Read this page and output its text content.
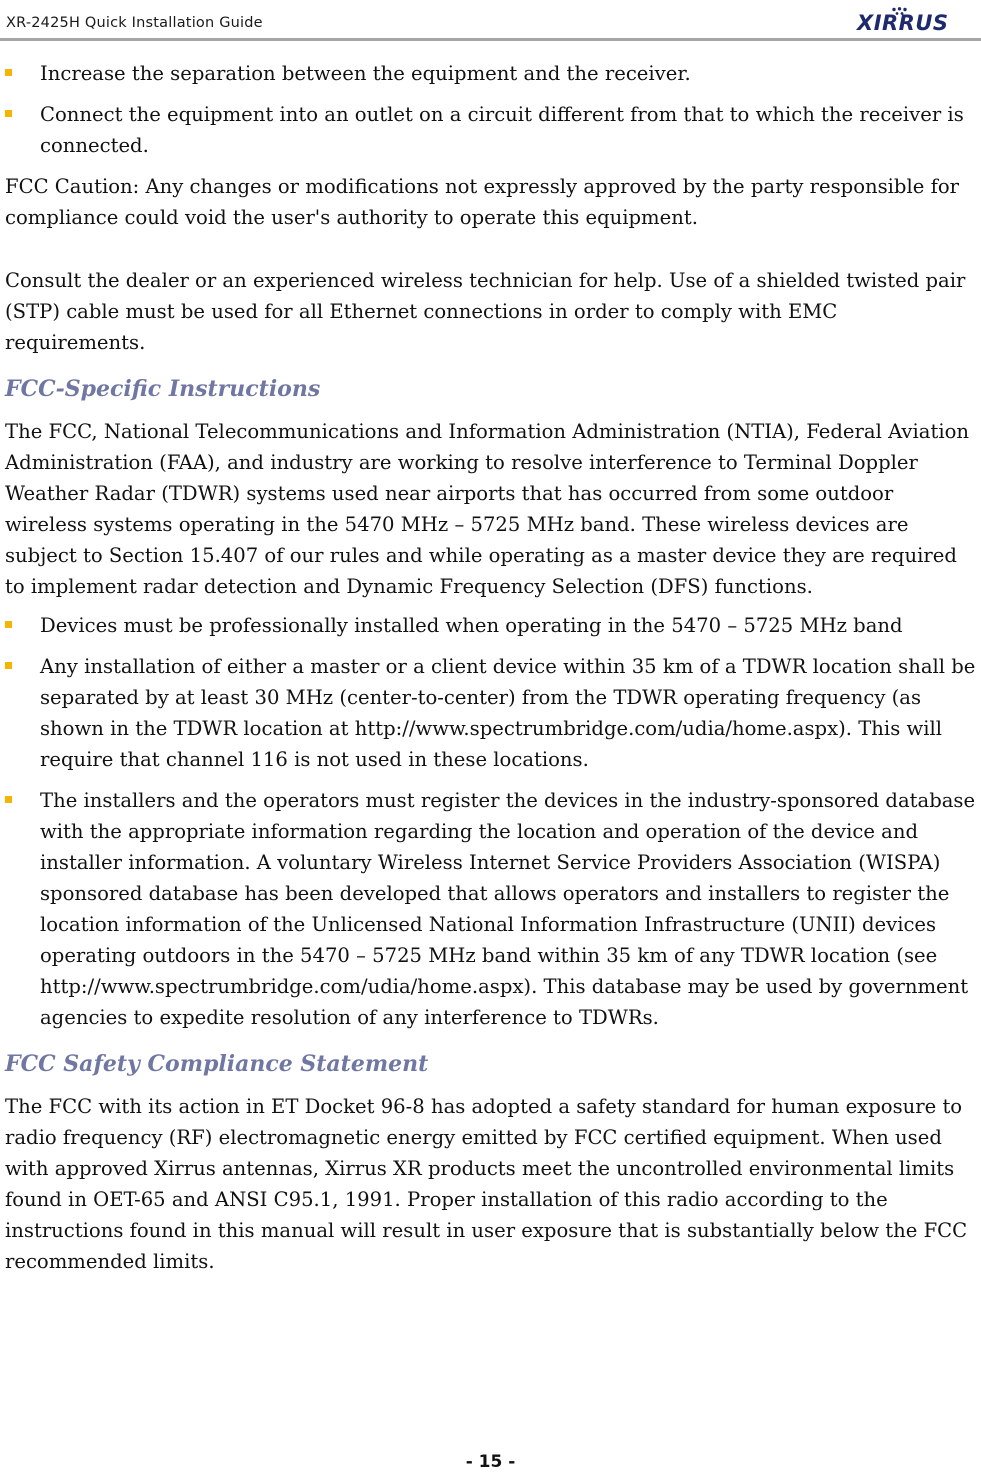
XR-2425H Quick Installation Guide	XIRRUS
Increase the separation between the equipment and the receiver.
Connect the equipment into an outlet on a circuit different from that to which the receiver is connected.

FCC Caution: Any changes or modifications not expressly approved by the party responsible for compliance could void the user's authority to operate this equipment.

Consult the dealer or an experienced wireless technician for help. Use of a shielded twisted pair (STP) cable must be used for all Ethernet connections in order to comply with EMC requirements.

FCC-Specific Instructions

The FCC, National Telecommunications and Information Administration (NTIA), Federal Aviation Administration (FAA), and industry are working to resolve interference to Terminal Doppler Weather Radar (TDWR) systems used near airports that has occurred from some outdoor wireless systems operating in the 5470 MHz – 5725 MHz band. These wireless devices are subject to Section 15.407 of our rules and while operating as a master device they are required to implement radar detection and Dynamic Frequency Selection (DFS) functions.

Devices must be professionally installed when operating in the 5470 – 5725 MHz band
Any installation of either a master or a client device within 35 km of a TDWR location shall be separated by at least 30 MHz (center-to-center) from the TDWR operating frequency (as shown in the TDWR location at http://www.spectrumbridge.com/udia/home.aspx). This will require that channel 116 is not used in these locations.
The installers and the operators must register the devices in the industry-sponsored database with the appropriate information regarding the location and operation of the device and installer information. A voluntary Wireless Internet Service Providers Association (WISPA) sponsored database has been developed that allows operators and installers to register the location information of the Unlicensed National Information Infrastructure (UNII) devices operating outdoors in the 5470 – 5725 MHz band within 35 km of any TDWR location (see http://www.spectrumbridge.com/udia/home.aspx). This database may be used by government agencies to expedite resolution of any interference to TDWRs.
FCC Safety Compliance Statement

The FCC with its action in ET Docket 96-8 has adopted a safety standard for human exposure to radio frequency (RF) electromagnetic energy emitted by FCC certified equipment. When used with approved Xirrus antennas, Xirrus XR products meet the uncontrolled environmental limits found in OET-65 and ANSI C95.1, 1991. Proper installation of this radio according to the instructions found in this manual will result in user exposure that is substantially below the FCC recommended limits.

- 15 -
